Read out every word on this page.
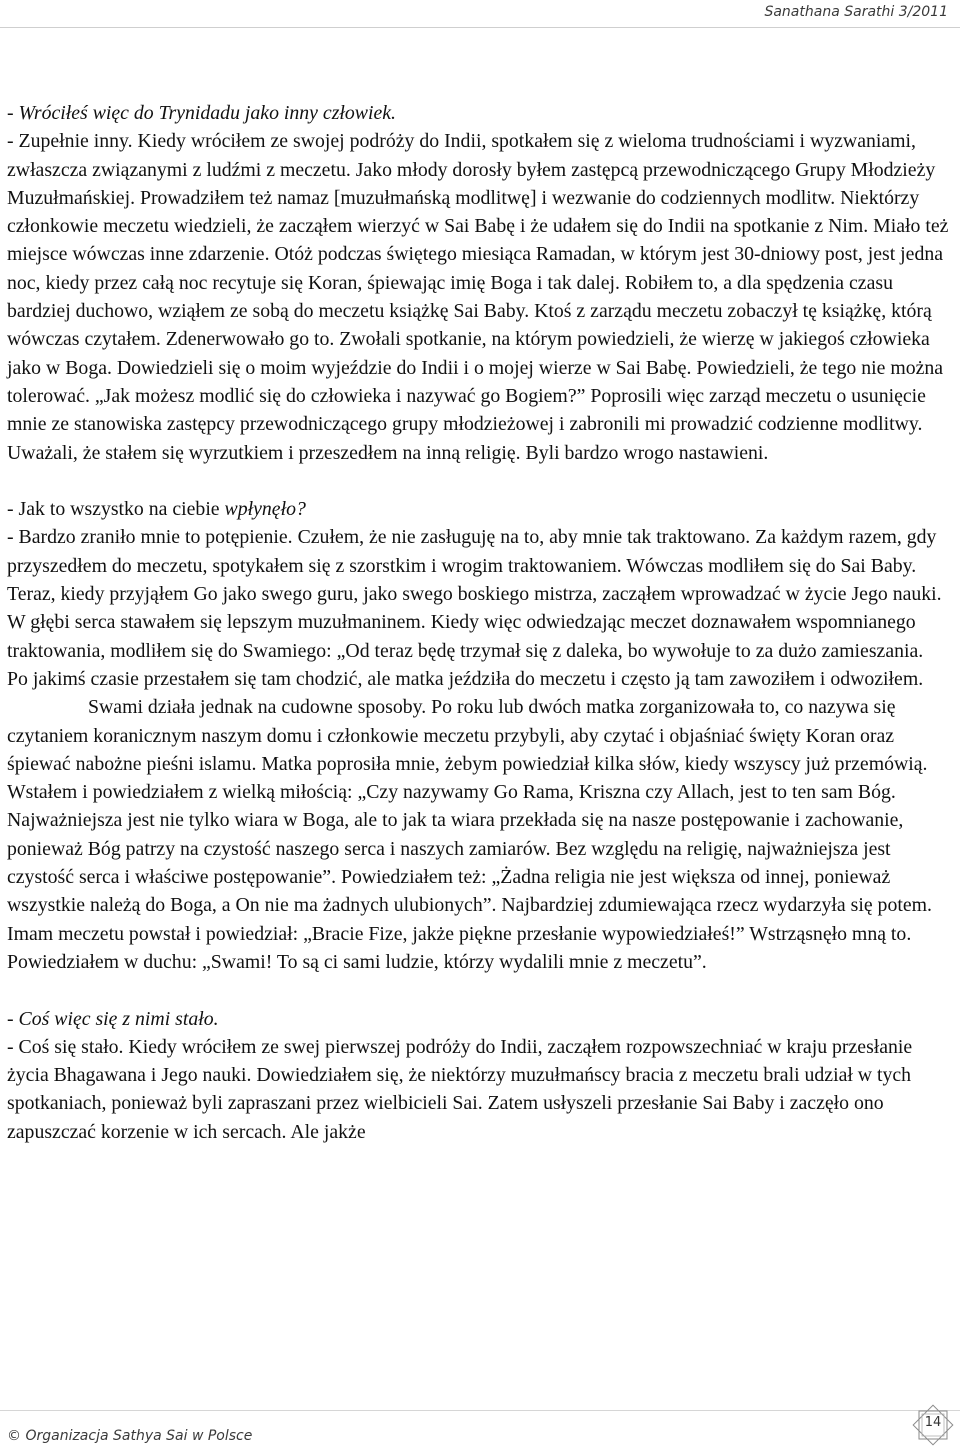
Sanathana Sarathi 3/2011

- Wróciłeś więc do Trynidadu jako inny człowiek.

- Zupełnie inny. Kiedy wróciłem ze swojej podróży do Indii, spotkałem się z wieloma trudnościami i wyzwaniami, zwłaszcza związanymi z ludźmi z meczetu. Jako młody dorosły byłem zastępcą przewodniczącego Grupy Młodzieży Muzułmańskiej. Prowadziłem też namaz [muzułmańską modlitwę] i wezwanie do codziennych modlitw. Niektórzy członkowie meczetu wiedzieli, że zacząłem wierzyć w Sai Babę i że udałem się do Indii na spotkanie z Nim. Miało też miejsce wówczas inne zdarzenie. Otóż podczas świętego miesiąca Ramadan, w którym jest 30-dniowy post, jest jedna noc, kiedy przez całą noc recytuje się Koran, śpiewając imię Boga i tak dalej. Robiłem to, a dla spędzenia czasu bardziej duchowo, wziąłem ze sobą do meczetu książkę Sai Baby. Ktoś z zarządu meczetu zobaczył tę książkę, którą wówczas czytałem. Zdenerwowało go to. Zwołali spotkanie, na którym powiedzieli, że wierzę w jakiegoś człowieka jako w Boga. Dowiedzieli się o moim wyjeździe do Indii i o mojej wierze w Sai Babę. Powiedzieli, że tego nie można tolerować. „Jak możesz modlić się do człowieka i nazywać go Bogiem?” Poprosili więc zarząd meczetu o usunięcie mnie ze stanowiska zastępcy przewodniczącego grupy młodzieżowej i zabronili mi prowadzić codzienne modlitwy. Uważali, że stałem się wyrzutkiem i przeszedłem na inną religię. Byli bardzo wrogo nastawieni.

- Jak to wszystko na ciebie wpłynęło?

- Bardzo zraniło mnie to potępienie. Czułem, że nie zasługuję na to, aby mnie tak traktowano. Za każdym razem, gdy przyszedłem do meczetu, spotykałem się z szorstkim i wrogim traktowaniem. Wówczas modliłem się do Sai Baby. Teraz, kiedy przyjąłem Go jako swego guru, jako swego boskiego mistrza, zacząłem wprowadzać w życie Jego nauki. W głębi serca stawałem się lepszym muzułmaninem. Kiedy więc odwiedzając meczet doznawałem wspomnianego traktowania, modliłem się do Swamiego: „Od teraz będę trzymał się z daleka, bo wywołuje to za dużo zamieszania. Po jakimś czasie przestałem się tam chodzić, ale matka jeździła do meczetu i często ją tam zawoziłem i odwoziłem.

Swami działa jednak na cudowne sposoby. Po roku lub dwóch matka zorganizowała to, co nazywa się czytaniem koranicznym naszym domu i członkowie meczetu przybyli, aby czytać i objaśniać święty Koran oraz śpiewać nabożne pieśni islamu. Matka poprosiła mnie, żebym powiedział kilka słów, kiedy wszyscy już przemówią. Wstałem i powiedziałem z wielką miłością: „Czy nazywamy Go Rama, Kriszna czy Allach, jest to ten sam Bóg. Najważniejsza jest nie tylko wiara w Boga, ale to jak ta wiara przekłada się na nasze postępowanie i zachowanie, ponieważ Bóg patrzy na czystość naszego serca i naszych zamiarów. Bez względu na religię, najważniejsza jest czystość serca i właściwe postępowanie”. Powiedziałem też: „Żadna religia nie jest większa od innej, ponieważ wszystkie należą do Boga, a On nie ma żadnych ulubionych”. Najbardziej zdumiewająca rzecz wydarzyła się potem. Imam meczetu powstał i powiedział: „Bracie Fize, jakże piękne przesłanie wypowiedziałeś!” Wstrząsnęło mną to. Powiedziałem w duchu: „Swami! To są ci sami ludzie, którzy wydalili mnie z meczetu”.

- Coś więc się z nimi stało.

- Coś się stało. Kiedy wróciłem ze swej pierwszej podróży do Indii, zacząłem rozpowszechniać w kraju przesłanie życia Bhagawana i Jego nauki. Dowiedziałem się, że niektórzy muzułmańscy bracia z meczetu brali udział w tych spotkaniach, ponieważ byli zapraszani przez wielbicieli Sai. Zatem usłyszeli przesłanie Sai Baby i zaczęło ono zapuszczać korzenie w ich sercach. Ale jakże

© Organizacja Sathya Sai w Polsce
14
